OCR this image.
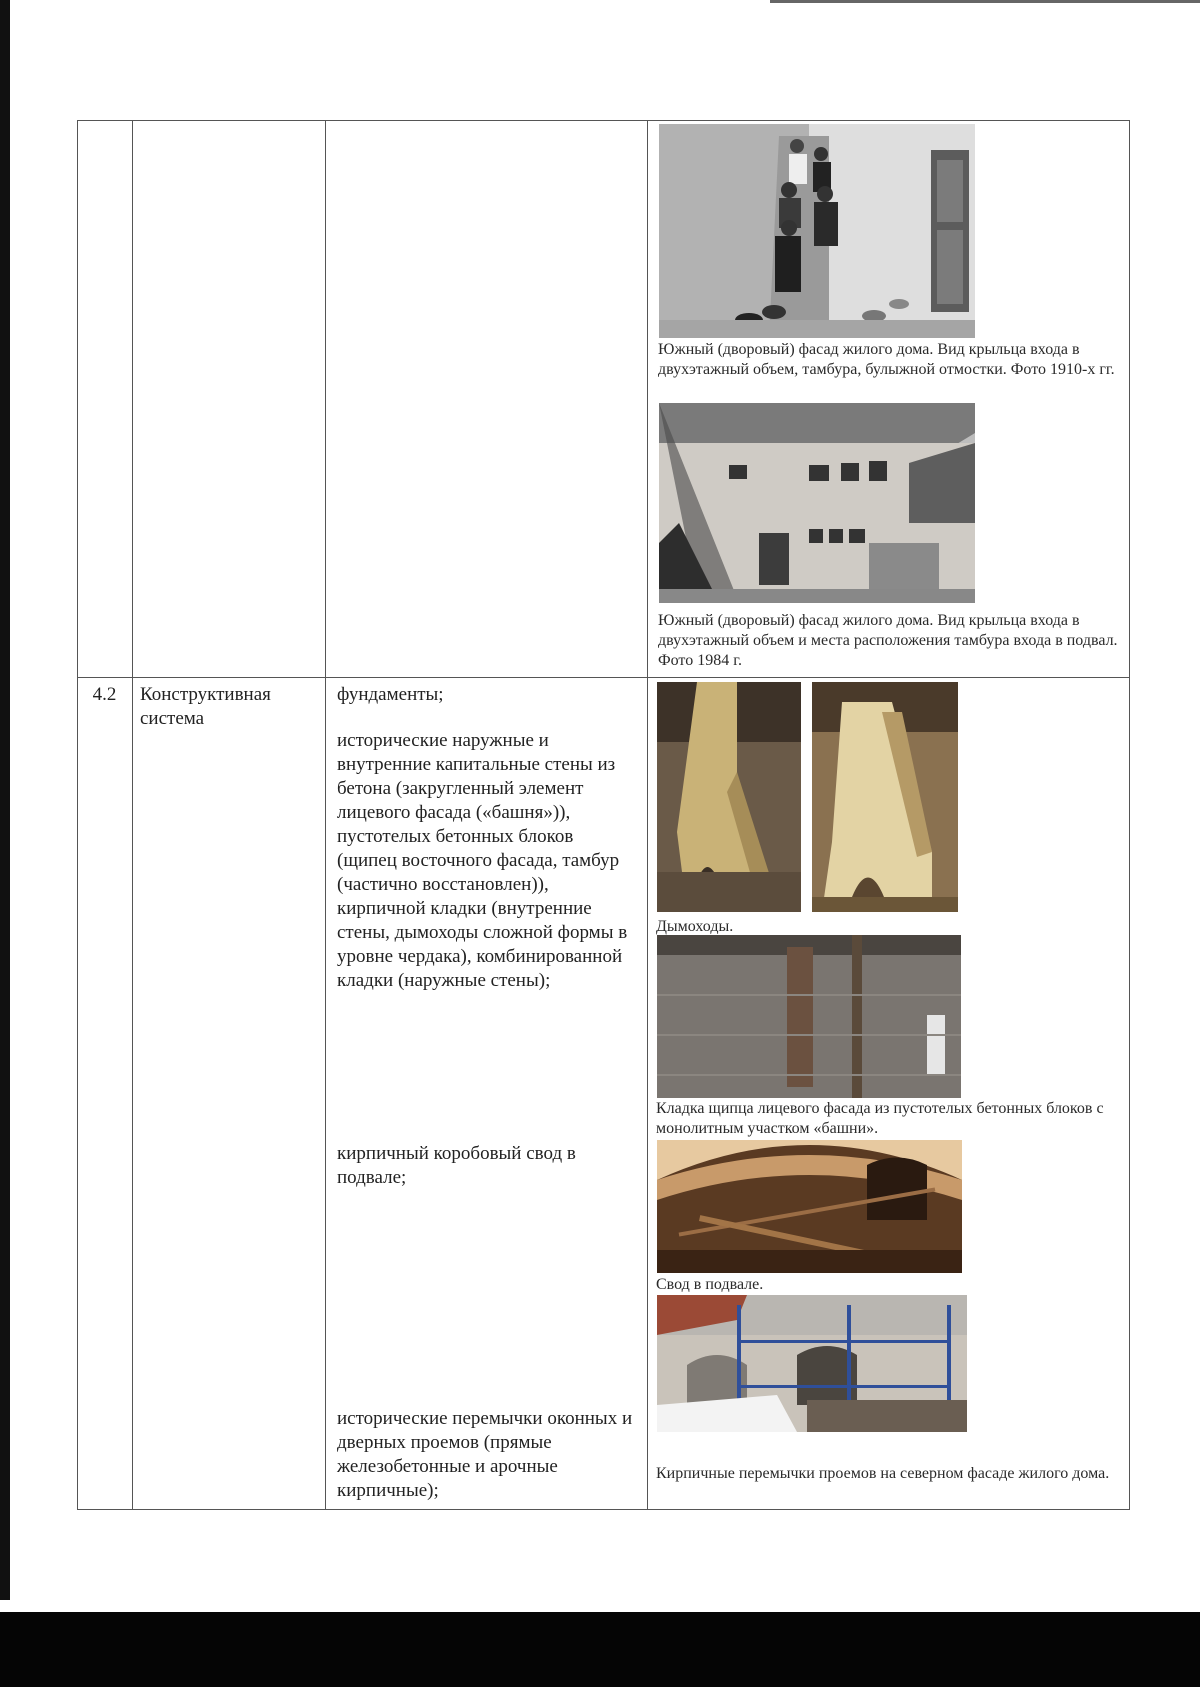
Южный (дворовый) фасад жилого дома. Вид крыльца входа в двухэтажный объем, тамбура, булыжной отмостки. Фото 1910-х гг.
Южный (дворовый) фасад жилого дома. Вид крыльца входа в двухэтажный объем и места расположения тамбура входа в подвал. Фото 1984 г.
4.2	Конструктивная система
фундаменты;
исторические наружные и внутренние капитальные стены из бетона (закругленный элемент лицевого фасада («башня»)), пустотелых бетонных блоков (щипец восточного фасада, тамбур (частично восстановлен)), кирпичной кладки (внутренние стены, дымоходы сложной формы в уровне чердака), комбинированной кладки (наружные стены);
кирпичный коробовый свод в подвале;
исторические перемычки оконных и дверных проемов (прямые железобетонные и арочные кирпичные);
Дымоходы.
Кладка щипца лицевого фасада из пустотелых бетонных блоков с монолитным участком «башни».
Свод в подвале.
Кирпичные перемычки проемов на северном фасаде жилого дома.
